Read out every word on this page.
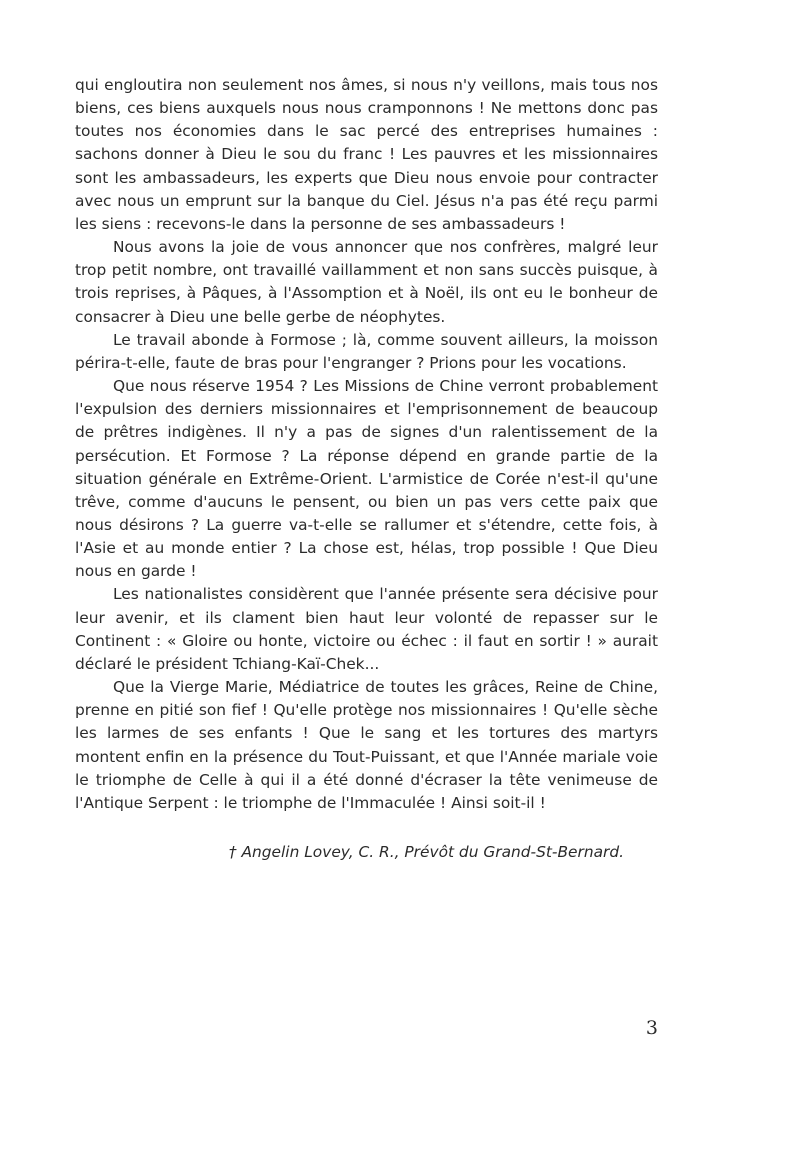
qui engloutira non seulement nos âmes, si nous n'y veillons, mais tous nos biens, ces biens auxquels nous nous cramponnons ! Ne mettons donc pas toutes nos économies dans le sac percé des entreprises humaines : sachons donner à Dieu le sou du franc ! Les pauvres et les missionnaires sont les ambassadeurs, les experts que Dieu nous envoie pour contracter avec nous un emprunt sur la banque du Ciel. Jésus n'a pas été reçu parmi les siens : recevons-le dans la personne de ses ambassadeurs !

Nous avons la joie de vous annoncer que nos confrères, malgré leur trop petit nombre, ont travaillé vaillamment et non sans succès puisque, à trois reprises, à Pâques, à l'Assomption et à Noël, ils ont eu le bonheur de consacrer à Dieu une belle gerbe de néophytes.

Le travail abonde à Formose ; là, comme souvent ailleurs, la moisson périra-t-elle, faute de bras pour l'engranger ? Prions pour les vocations.

Que nous réserve 1954 ? Les Missions de Chine verront probablement l'expulsion des derniers missionnaires et l'emprisonnement de beaucoup de prêtres indigènes. Il n'y a pas de signes d'un ralentissement de la persécution. Et Formose ? La réponse dépend en grande partie de la situation générale en Extrême-Orient. L'armistice de Corée n'est-il qu'une trêve, comme d'aucuns le pensent, ou bien un pas vers cette paix que nous désirons ? La guerre va-t-elle se rallumer et s'étendre, cette fois, à l'Asie et au monde entier ? La chose est, hélas, trop possible ! Que Dieu nous en garde !

Les nationalistes considèrent que l'année présente sera décisive pour leur avenir, et ils clament bien haut leur volonté de repasser sur le Continent : « Gloire ou honte, victoire ou échec : il faut en sortir ! » aurait déclaré le président Tchiang-Kaï-Chek...

Que la Vierge Marie, Médiatrice de toutes les grâces, Reine de Chine, prenne en pitié son fief ! Qu'elle protège nos missionnaires ! Qu'elle sèche les larmes de ses enfants ! Que le sang et les tortures des martyrs montent enfin en la présence du Tout-Puissant, et que l'Année mariale voie le triomphe de Celle à qui il a été donné d'écraser la tête venimeuse de l'Antique Serpent : le triomphe de l'Immaculée ! Ainsi soit-il !

† Angelin Lovey, C. R., Prévôt du Grand-St-Bernard.
3
